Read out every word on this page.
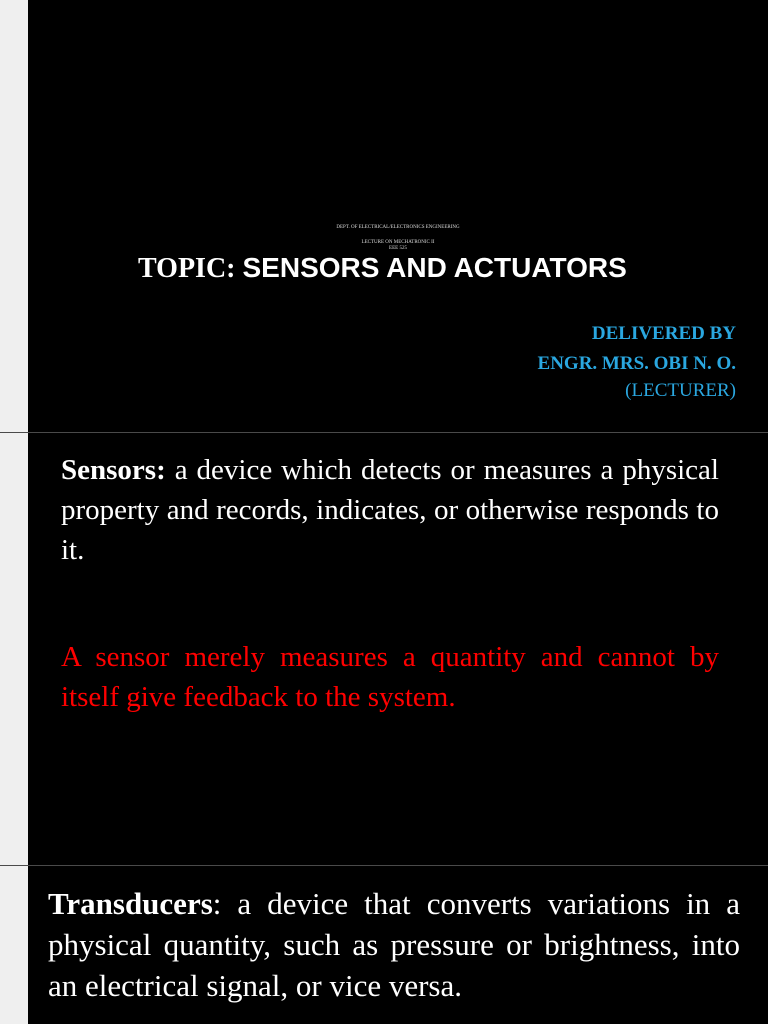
DEPT. OF ELECTRICAL/ELECTRONICS ENGINEERING
LECTURE ON MECHATRONIC II
EEE 525
TOPIC: SENSORS AND ACTUATORS
DELIVERED BY
ENGR. MRS. OBI N. O.
(LECTURER)

Sensors: a device which detects or measures a physical property and records, indicates, or otherwise responds to it.

A sensor merely measures a quantity and cannot by itself give feedback to the system.

Transducers: a device that converts variations in a physical quantity, such as pressure or brightness, into an electrical signal, or vice versa.
